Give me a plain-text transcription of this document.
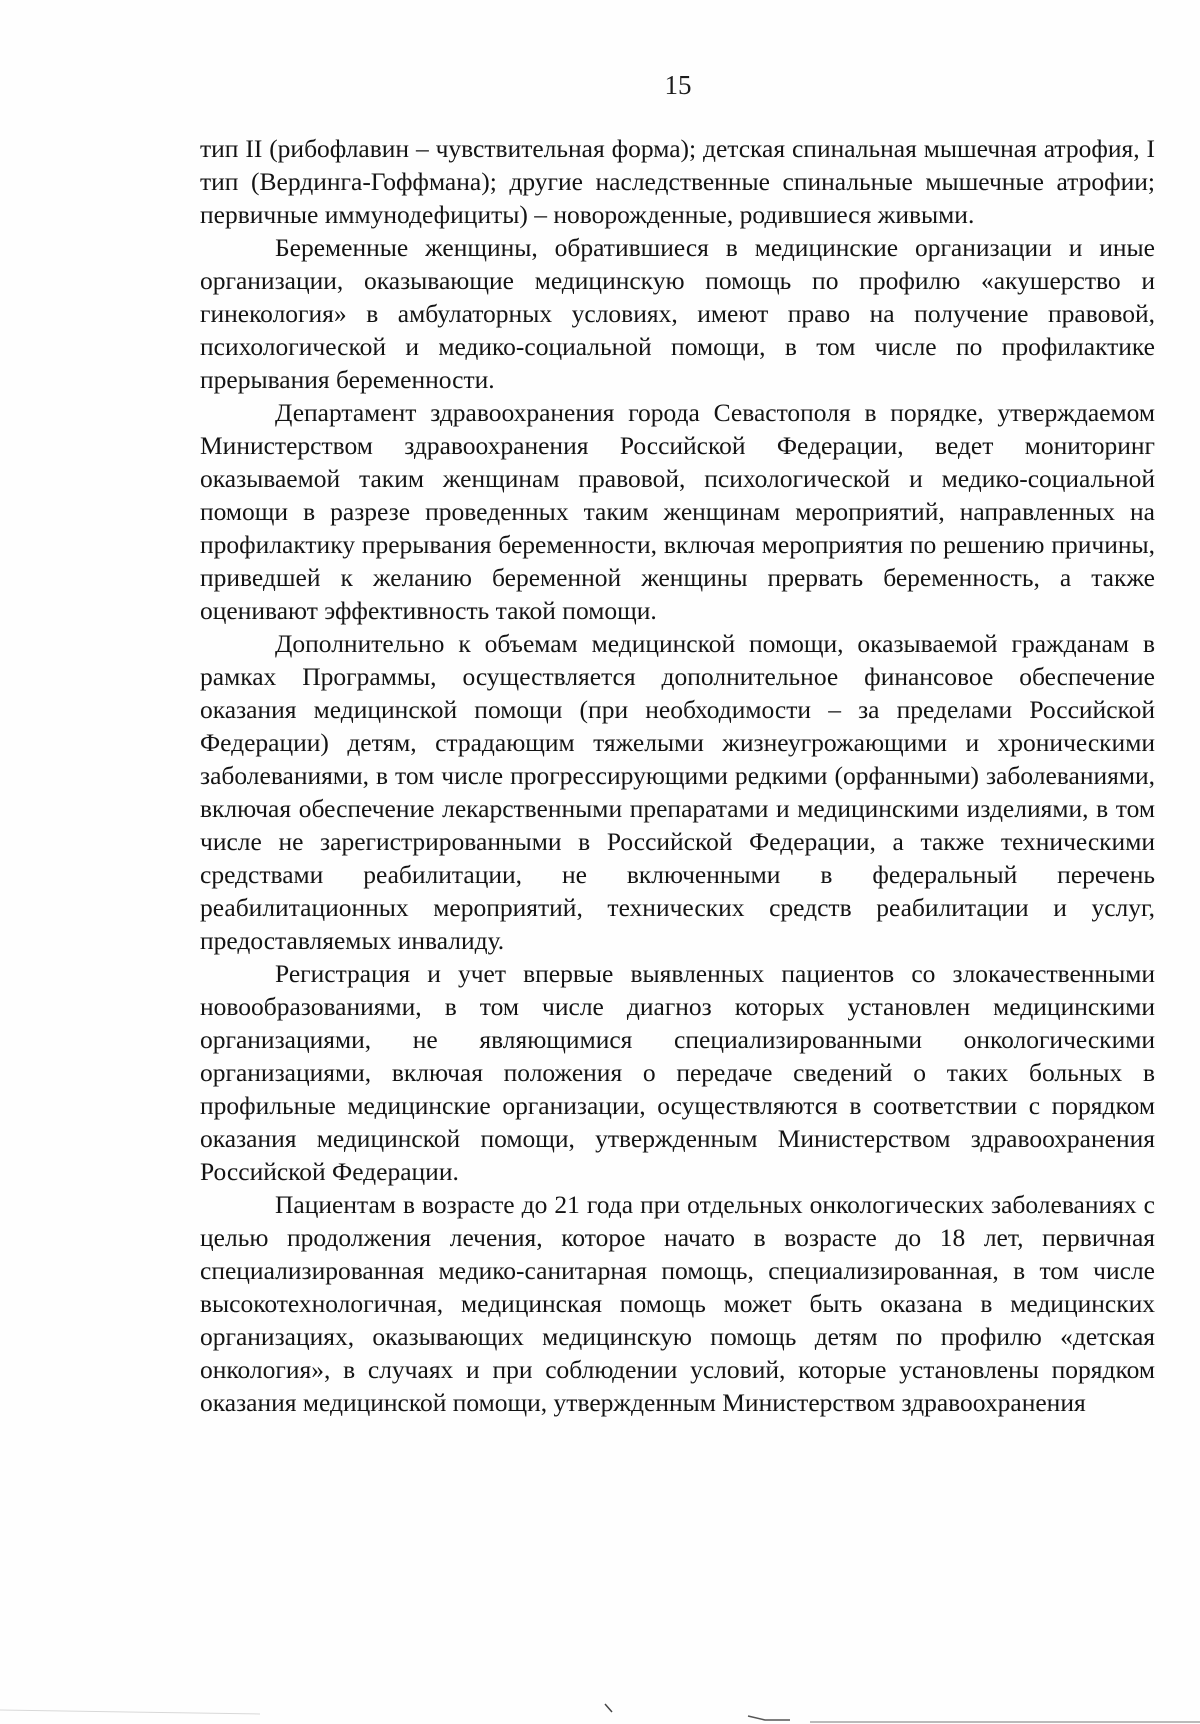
15

тип II (рибофлавин – чувствительная форма); детская спинальная мышечная атрофия, I тип (Вердинга-Гоффмана); другие наследственные спинальные мышечные атрофии; первичные иммунодефициты) – новорожденные, родившиеся живыми.

Беременные женщины, обратившиеся в медицинские организации и иные организации, оказывающие медицинскую помощь по профилю «акушерство и гинекология» в амбулаторных условиях, имеют право на получение правовой, психологической и медико-социальной помощи, в том числе по профилактике прерывания беременности.

Департамент здравоохранения города Севастополя в порядке, утверждаемом Министерством здравоохранения Российской Федерации, ведет мониторинг оказываемой таким женщинам правовой, психологической и медико-социальной помощи в разрезе проведенных таким женщинам мероприятий, направленных на профилактику прерывания беременности, включая мероприятия по решению причины, приведшей к желанию беременной женщины прервать беременность, а также оценивают эффективность такой помощи.

Дополнительно к объемам медицинской помощи, оказываемой гражданам в рамках Программы, осуществляется дополнительное финансовое обеспечение оказания медицинской помощи (при необходимости – за пределами Российской Федерации) детям, страдающим тяжелыми жизнеугрожающими и хроническими заболеваниями, в том числе прогрессирующими редкими (орфанными) заболеваниями, включая обеспечение лекарственными препаратами и медицинскими изделиями, в том числе не зарегистрированными в Российской Федерации, а также техническими средствами реабилитации, не включенными в федеральный перечень реабилитационных мероприятий, технических средств реабилитации и услуг, предоставляемых инвалиду.

Регистрация и учет впервые выявленных пациентов со злокачественными новообразованиями, в том числе диагноз которых установлен медицинскими организациями, не являющимися специализированными онкологическими организациями, включая положения о передаче сведений о таких больных в профильные медицинские организации, осуществляются в соответствии с порядком оказания медицинской помощи, утвержденным Министерством здравоохранения Российской Федерации.

Пациентам в возрасте до 21 года при отдельных онкологических заболеваниях с целью продолжения лечения, которое начато в возрасте до 18 лет, первичная специализированная медико-санитарная помощь, специализированная, в том числе высокотехнологичная, медицинская помощь может быть оказана в медицинских организациях, оказывающих медицинскую помощь детям по профилю «детская онкология», в случаях и при соблюдении условий, которые установлены порядком оказания медицинской помощи, утвержденным Министерством здравоохранения
